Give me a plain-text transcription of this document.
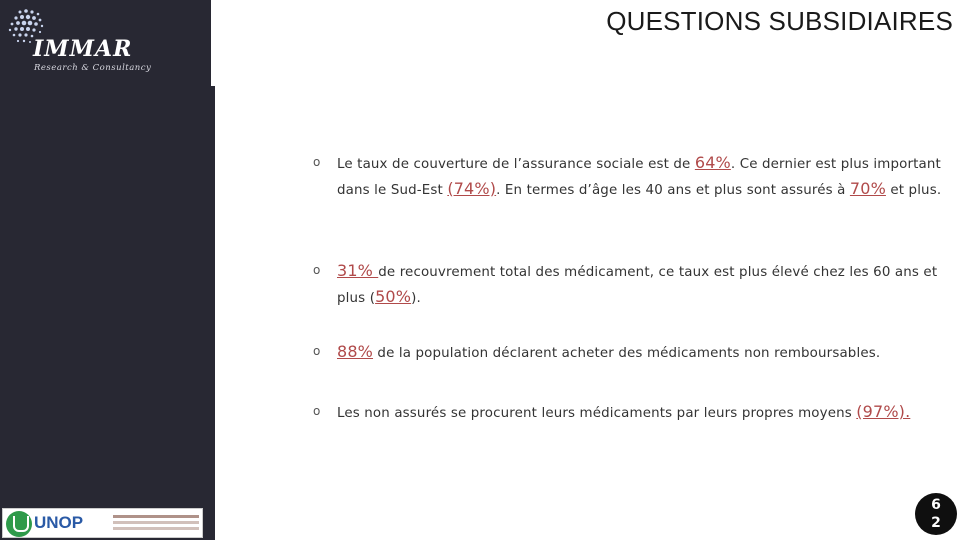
IMMAR
Research & Consultancy
QUESTIONS SUBSIDIAIRES
o Le taux de couverture de l’assurance sociale est de 64%. Ce dernier est plus important dans le Sud-Est (74%). En termes d’âge les 40 ans et plus sont assurés à 70% et plus.
o 31% de recouvrement total des médicament, ce taux est plus élevé chez les 60 ans et plus (50%).
o 88% de la population déclarent acheter des médicaments non remboursables.
o Les non assurés se procurent leurs médicaments par leurs propres moyens (97%).
UNOP
6
2
